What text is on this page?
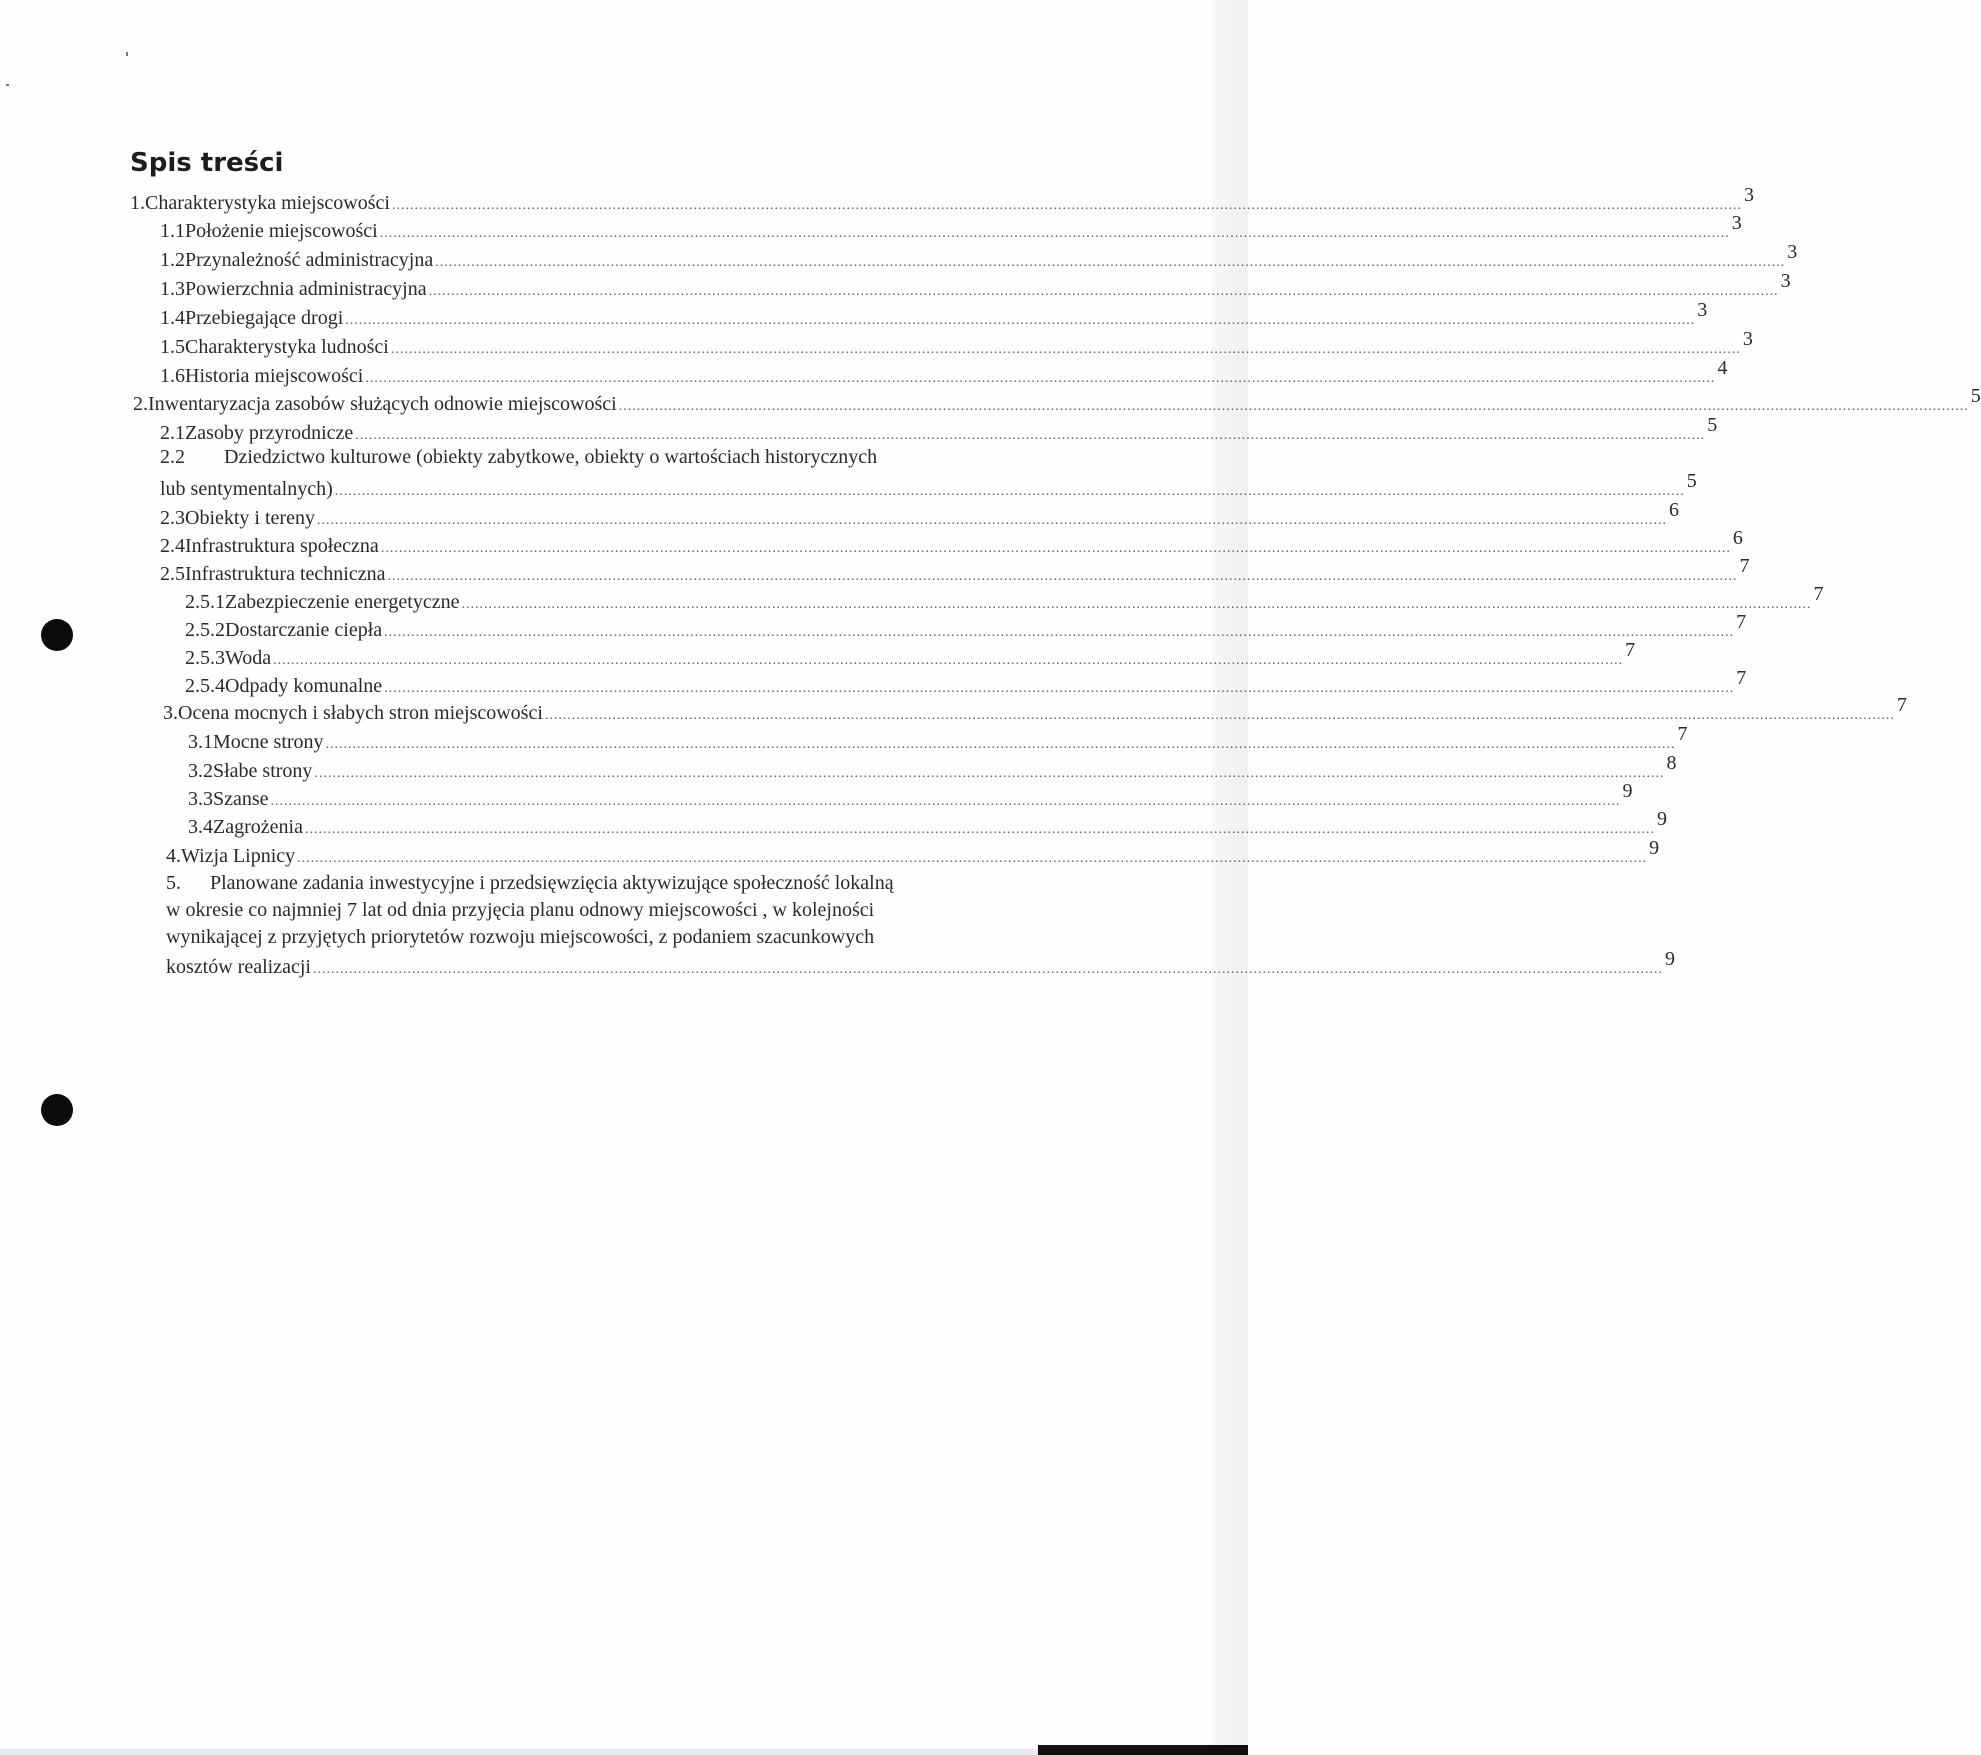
Spis treści
1. Charakterystyka miejscowości ............................................................................................................................................................................................................................................................................................................ 3
1.1 Położenie miejscowości ............................................................................................................................................................................................................................................................................................................ 3
1.2 Przynależność administracyjna ............................................................................................................................................................................................................................................................................................................ 3
1.3 Powierzchnia administracyjna ............................................................................................................................................................................................................................................................................................................ 3
1.4 Przebiegające drogi ............................................................................................................................................................................................................................................................................................................ 3
1.5 Charakterystyka ludności ............................................................................................................................................................................................................................................................................................................ 3
1.6 Historia miejscowości ............................................................................................................................................................................................................................................................................................................ 4
2. Inwentaryzacja zasobów służących odnowie miejscowości ............................................................................................................................................................................................................................................................................................................ 5
2.1 Zasoby przyrodnicze ............................................................................................................................................................................................................................................................................................................ 5
2.2 Dziedzictwo kulturowe (obiekty zabytkowe, obiekty o wartościach historycznych
lub sentymentalnych) ............................................................................................................................................................................................................................................................................................................ 5
2.3 Obiekty i tereny ............................................................................................................................................................................................................................................................................................................ 6
2.4 Infrastruktura społeczna ............................................................................................................................................................................................................................................................................................................ 6
2.5 Infrastruktura techniczna ............................................................................................................................................................................................................................................................................................................ 7
2.5.1 Zabezpieczenie energetyczne ............................................................................................................................................................................................................................................................................................................ 7
2.5.2 Dostarczanie ciepła ............................................................................................................................................................................................................................................................................................................ 7
2.5.3 Woda ............................................................................................................................................................................................................................................................................................................ 7
2.5.4 Odpady komunalne ............................................................................................................................................................................................................................................................................................................ 7
3. Ocena mocnych i słabych stron miejscowości ............................................................................................................................................................................................................................................................................................................ 7
3.1 Mocne strony ............................................................................................................................................................................................................................................................................................................ 7
3.2 Słabe strony ............................................................................................................................................................................................................................................................................................................ 8
3.3 Szanse ............................................................................................................................................................................................................................................................................................................ 9
3.4 Zagrożenia ............................................................................................................................................................................................................................................................................................................ 9
4. Wizja Lipnicy ............................................................................................................................................................................................................................................................................................................ 9
5. Planowane zadania inwestycyjne i przedsięwzięcia aktywizujące społeczność lokalną
w okresie co najmniej 7 lat od dnia przyjęcia planu odnowy miejscowości , w kolejności
wynikającej z przyjętych priorytetów rozwoju miejscowości, z podaniem szacunkowych
kosztów realizacji ............................................................................................................................................................................................................................................................................................................ 9
